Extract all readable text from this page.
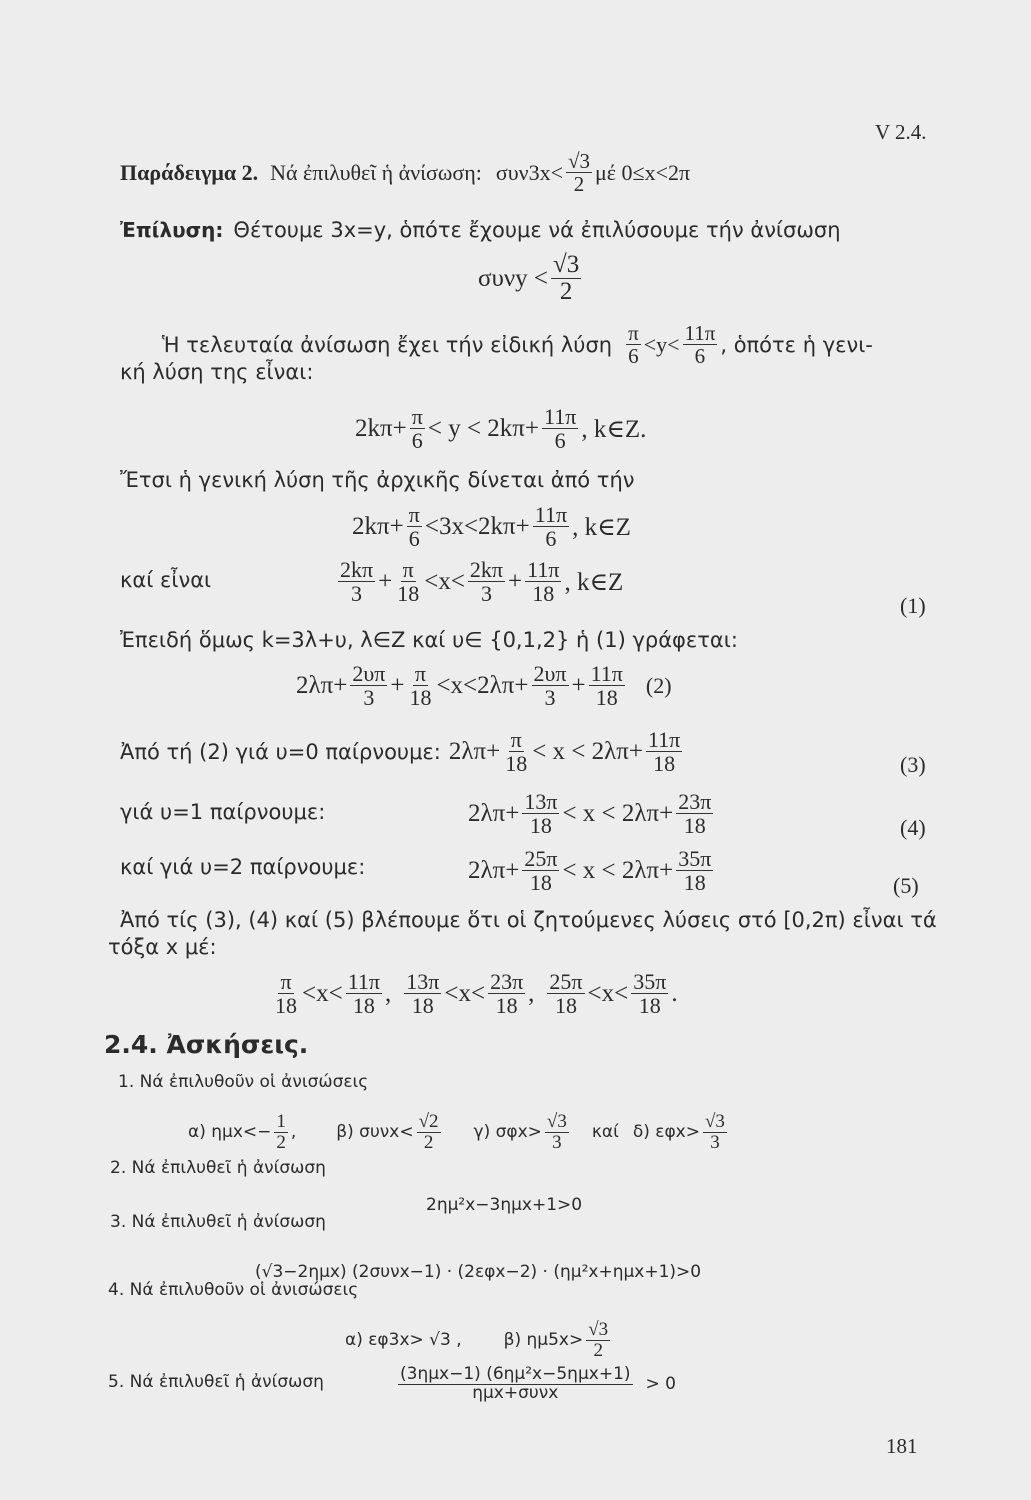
V 2.4.
Παράδειγμα 2. Νά ἐπιλυθεῖ ἡ ἀνίσωση: $\sigma\upsilon\nu 3x< \frac{√3}{2}$ μέ 0≤x<2π
Ἐπίλυση: Θέτουμε 3x=y, ὁπότε ἔχουμε νά ἐπιλύσουμε τήν ἀνίσωση
$\sigma\upsilon\nu y < \frac{√3}{2}$
Ἡ τελευταία ἀνίσωση ἔχει τήν εἰδική λύση $\frac{\pi}{6} <y< \frac{11\pi}{6}$ , ὁπότε ἡ γενι-
κή λύση της εἶναι:
$2k\pi+ \frac{\pi}{6} < y < 2k\pi+ \frac{11\pi}{6}$ , k∈Z.
Ἔτσι ἡ γενική λύση τῆς ἀρχικῆς δίνεται ἀπό τήν
$2k\pi+ \frac{\pi}{6} <3x<2k\pi+ \frac{11\pi}{6}$ , k∈Z
καί εἶναι	$\frac{2k\pi}{3} + \frac{\pi}{18} <x< \frac{2k\pi}{3} + \frac{11\pi}{18}$ , k∈Z
(1)
Ἐπειδή ὅμως k=3λ+υ, λ∈Z καί υ∈ {0,1,2} ἡ (1) γράφεται:
$2\lambda\pi+ \frac{2\upsilon\pi}{3} + \frac{\pi}{18} <x<2\lambda\pi+ \frac{2\upsilon\pi}{3} + \frac{11\pi}{18} (2)$
Ἀπό τή (2) γιά υ=0 παίρνουμε: $2\lambda\pi+ \frac{\pi}{18} < x < 2\lambda\pi+ \frac{11\pi}{18}$	(3)
γιά υ=1 παίρνουμε:	$2\lambda\pi+ \frac{13\pi}{18} < x < 2\lambda\pi+ \frac{23\pi}{18}$	(4)
καί γιά υ=2 παίρνουμε:	$2\lambda\pi+ \frac{25\pi}{18} < x < 2\lambda\pi+ \frac{35\pi}{18}$	(5)
Ἀπό τίς (3), (4) καί (5) βλέπουμε ὅτι οἱ ζητούμενες λύσεις στό [0,2π) εἶναι τά
τόξα x μέ:
$\frac{\pi}{18} <x< \frac{11\pi}{18}$ , $\frac{13\pi}{18} <x< \frac{23\pi}{18}$ , $\frac{25\pi}{18} <x< \frac{35\pi}{18}$ .
2.4. Ἀσκήσεις.
1. Νά ἐπιλυθοῦν οἱ ἀνισώσεις
α) $\eta\mu x<- \frac{1}{2}$ , β) $\sigma\upsilon\nu x< \frac{√2}{2} \gamma$) $\sigma\varphi x> \frac{√3}{3}$ καί δ) $\varepsilon\varphi x> \frac{√3}{3}$
2. Νά ἐπιλυθεῖ ἡ ἀνίσωση
2ημ²x−3ημx+1>0
3. Νά ἐπιλυθεῖ ἡ ἀνίσωση
(√3−2ημx) (2συνx−1) · (2εφx−2) · (ημ²x+ημx+1)>0
4. Νά ἐπιλυθοῦν οἱ ἀνισώσεις
α) εφ3x> √3 , β) $\eta\mu 5x> \frac{√3}{2}$
5. Νά ἐπιλυθεῖ ἡ ἀνίσωση	$\frac{\text{(3ημx−1) (6ημ²x−5ημx+1)}}{\text{ημx+συνx}} > 0$
181
